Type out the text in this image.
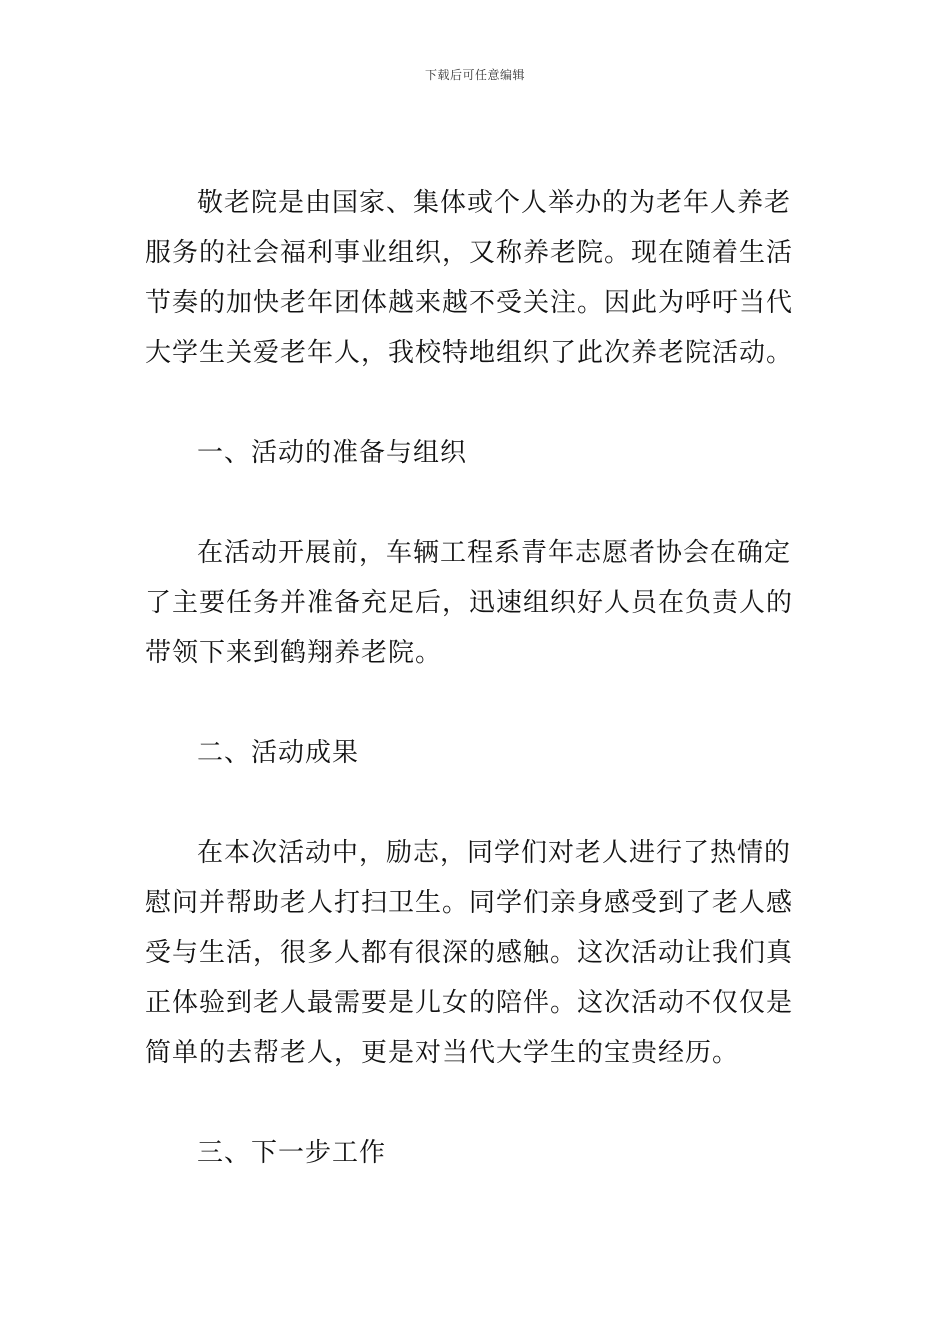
下载后可任意编辑

敬老院是由国家、集体或个人举办的为老年人养老服务的社会福利事业组织，又称养老院。现在随着生活节奏的加快老年团体越来越不受关注。因此为呼吁当代大学生关爱老年人，我校特地组织了此次养老院活动。

一、活动的准备与组织

在活动开展前，车辆工程系青年志愿者协会在确定了主要任务并准备充足后，迅速组织好人员在负责人的带领下来到鹤翔养老院。

二、活动成果

在本次活动中，励志，同学们对老人进行了热情的慰问并帮助老人打扫卫生。同学们亲身感受到了老人感受与生活，很多人都有很深的感触。这次活动让我们真正体验到老人最需要是儿女的陪伴。这次活动不仅仅是简单的去帮老人，更是对当代大学生的宝贵经历。

三、下一步工作
